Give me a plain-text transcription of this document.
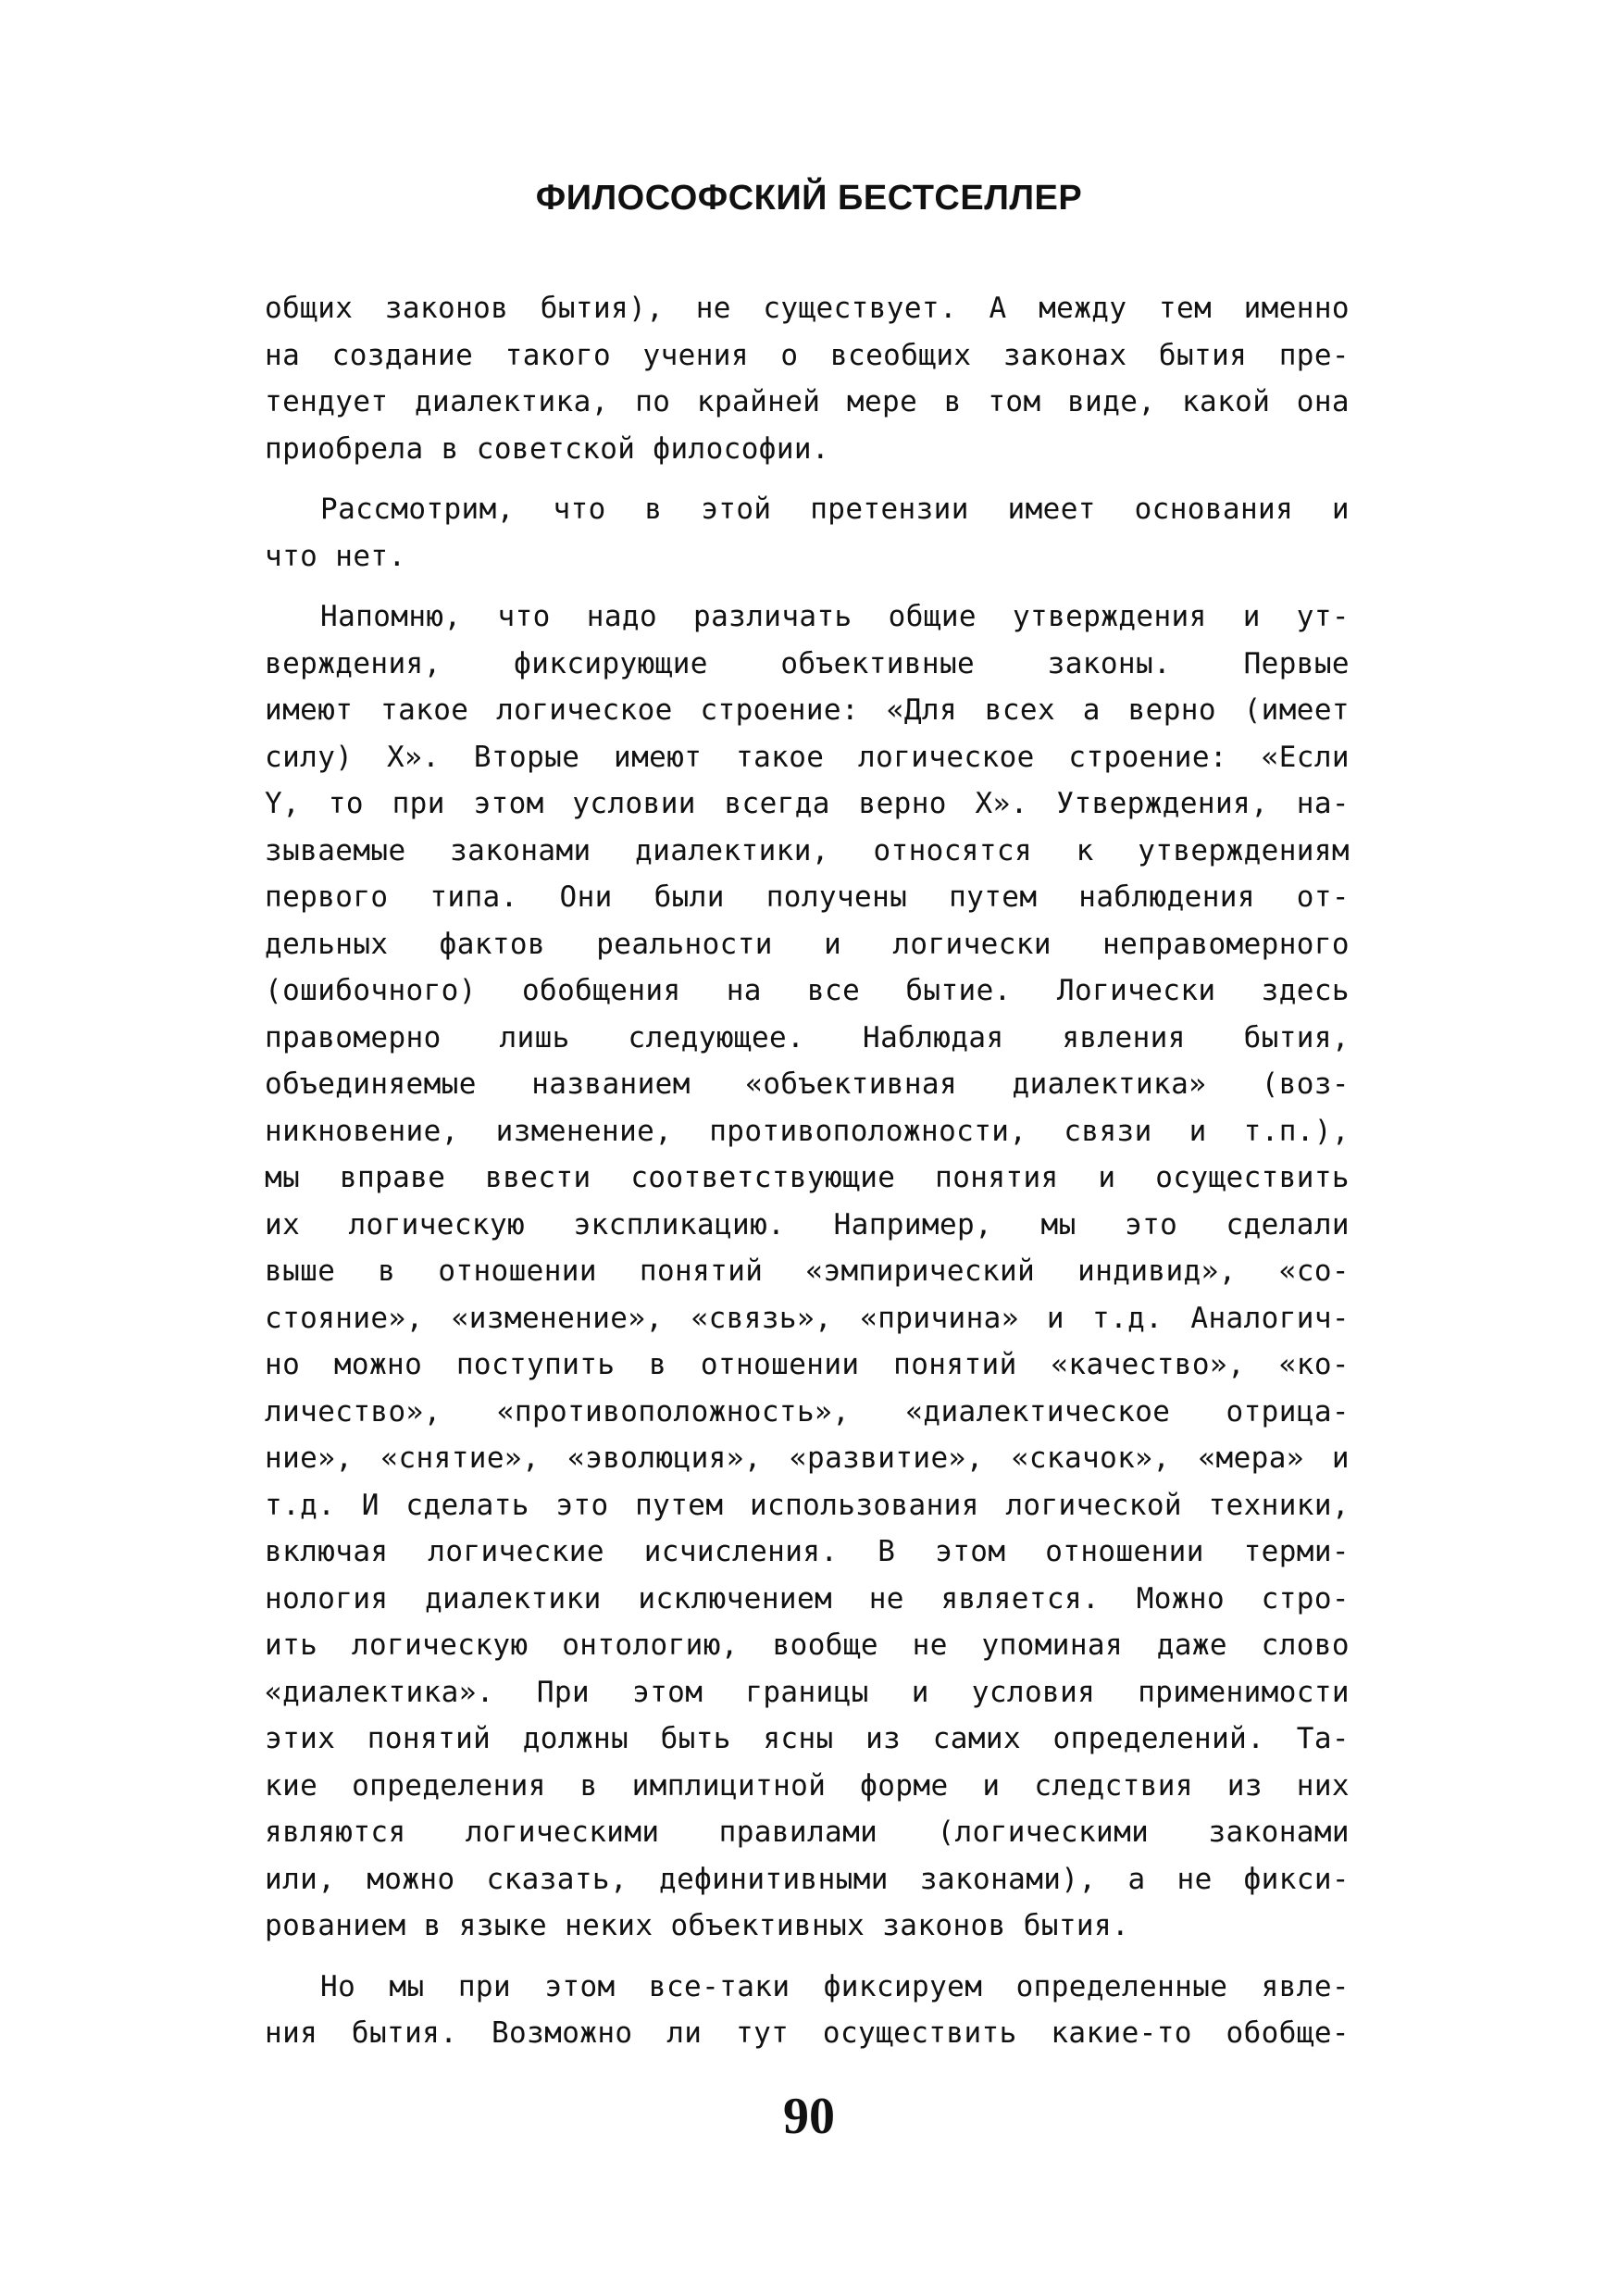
ФИЛОСОФСКИЙ БЕСТСЕЛЛЕР
общих законов бытия), не существует. А между тем именно
на создание такого учения о всеобщих законах бытия пре-
тендует диалектика, по крайней мере в том виде, какой она
приобрела в советской философии.
Рассмотрим, что в этой претензии имеет основания и
что нет.
Напомню, что надо различать общие утверждения и ут-
верждения, фиксирующие объективные законы. Первые
имеют такое логическое строение: «Для всех a верно (имеет
силу) X». Вторые имеют такое логическое строение: «Если
Y, то при этом условии всегда верно X». Утверждения, на-
зываемые законами диалектики, относятся к утверждениям
первого типа. Они были получены путем наблюдения от-
дельных фактов реальности и логически неправомерного
(ошибочного) обобщения на все бытие. Логически здесь
правомерно лишь следующее. Наблюдая явления бытия,
объединяемые названием «объективная диалектика» (воз-
никновение, изменение, противоположности, связи и т.п.),
мы вправе ввести соответствующие понятия и осуществить
их логическую экспликацию. Например, мы это сделали
выше в отношении понятий «эмпирический индивид», «со-
стояние», «изменение», «связь», «причина» и т.д. Аналогич-
но можно поступить в отношении понятий «качество», «ко-
личество», «противоположность», «диалектическое отрица-
ние», «снятие», «эволюция», «развитие», «скачок», «мера» и
т.д. И сделать это путем использования логической техники,
включая логические исчисления. В этом отношении терми-
нология диалектики исключением не является. Можно стро-
ить логическую онтологию, вообще не упоминая даже слово
«диалектика». При этом границы и условия применимости
этих понятий должны быть ясны из самих определений. Та-
кие определения в имплицитной форме и следствия из них
являются логическими правилами (логическими законами
или, можно сказать, дефинитивными законами), а не фикси-
рованием в языке неких объективных законов бытия.
Но мы при этом все-таки фиксируем определенные явле-
ния бытия. Возможно ли тут осуществить какие-то обобще-
90
